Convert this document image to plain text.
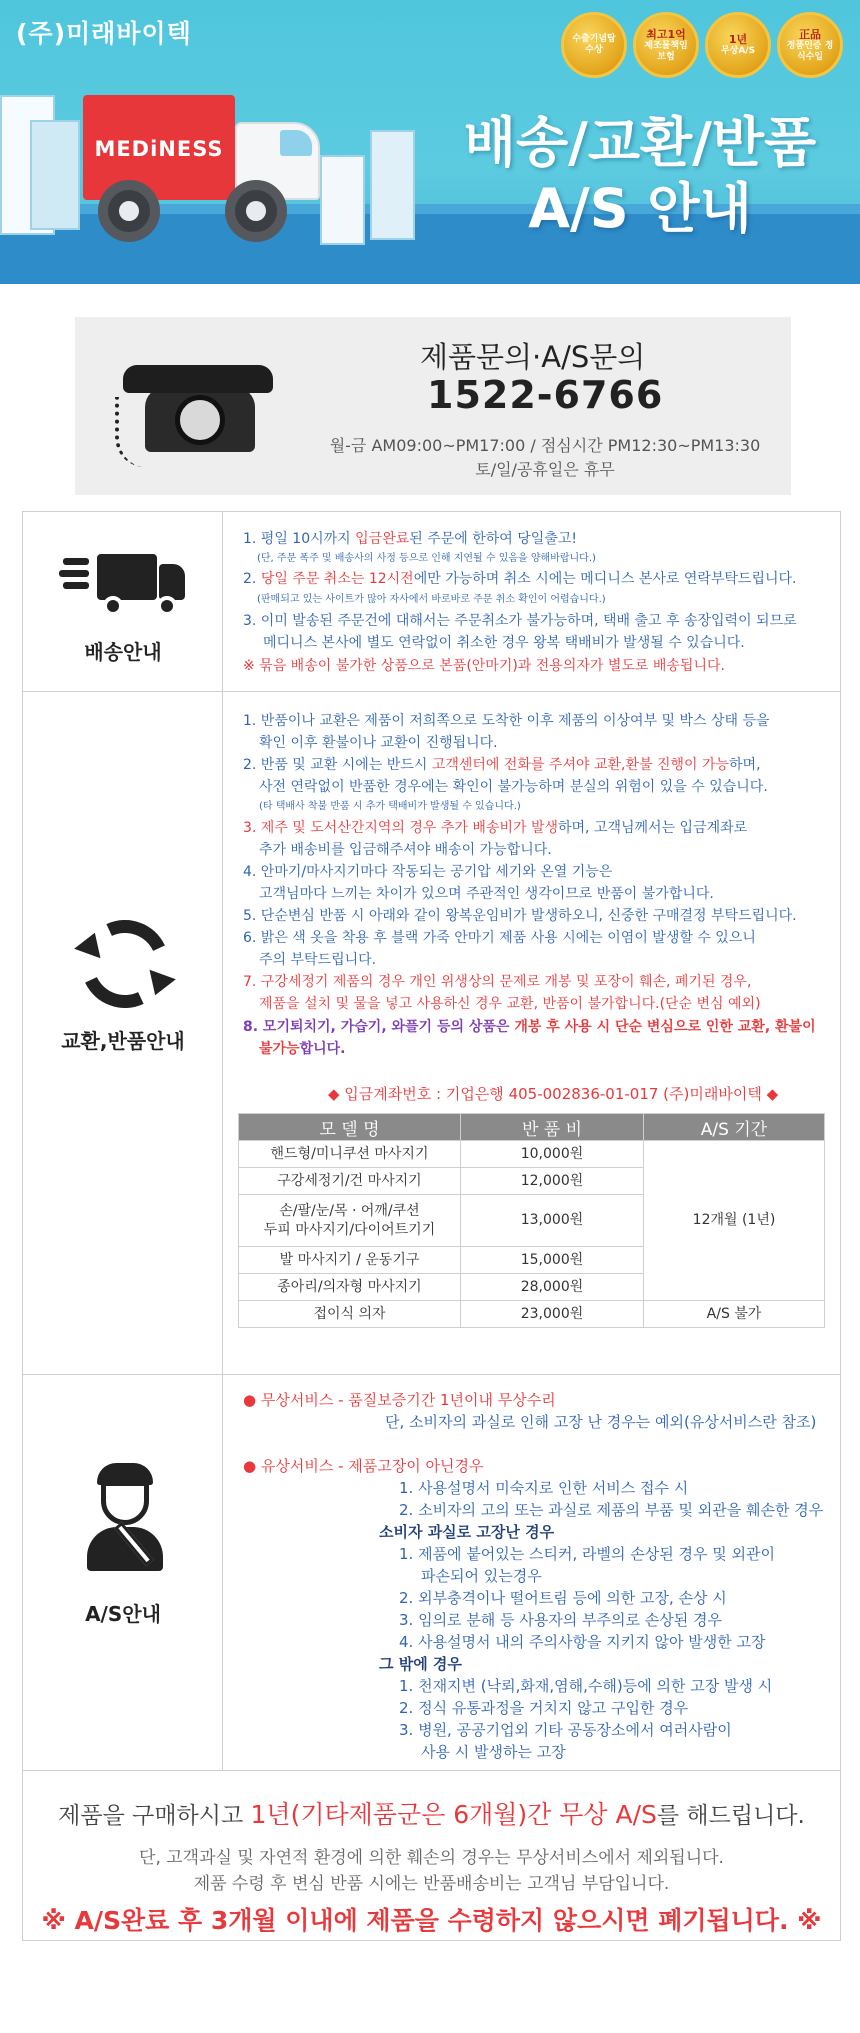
(주)미래바이텍
MEDiNESS
수출기념탑 수상
최고1억
제조물책임 보험
1년
무상A/S
正品
정품인증 정식수입
배송/교환/반품
A/S 안내
제품문의·A/S문의
1522-6766
월-금 AM09:00~PM17:00 / 점심시간 PM12:30~PM13:30
토/일/공휴일은 휴무
배송안내
1. 평일 10시까지 입금완료된 주문에 한하여 당일출고!
(단, 주문 폭주 및 배송사의 사정 등으로 인해 지연될 수 있음을 양해바랍니다.)
2. 당일 주문 취소는 12시전에만 가능하며 취소 시에는 메디니스 본사로 연락부탁드립니다.
(판매되고 있는 사이트가 많아 자사에서 바로바로 주문 취소 확인이 어렵습니다.)
3. 이미 발송된 주문건에 대해서는 주문취소가 불가능하며, 택배 출고 후 송장입력이 되므로
메디니스 본사에 별도 연락없이 취소한 경우 왕복 택배비가 발생될 수 있습니다.
※ 묶음 배송이 불가한 상품으로 본품(안마기)과 전용의자가 별도로 배송됩니다.
교환,반품안내
1. 반품이나 교환은 제품이 저희쪽으로 도착한 이후 제품의 이상여부 및 박스 상태 등을
확인 이후 환불이나 교환이 진행됩니다.
2. 반품 및 교환 시에는 반드시 고객센터에 전화를 주셔야 교환,환불 진행이 가능하며,
사전 연락없이 반품한 경우에는 확인이 불가능하며 분실의 위험이 있을 수 있습니다.
(타 택배사 착불 반품 시 추가 택배비가 발생될 수 있습니다.)
3. 제주 및 도서산간지역의 경우 추가 배송비가 발생하며, 고객님께서는 입금계좌로
추가 배송비를 입금해주셔야 배송이 가능합니다.
4. 안마기/마사지기마다 작동되는 공기압 세기와 온열 기능은
고객님마다 느끼는 차이가 있으며 주관적인 생각이므로 반품이 불가합니다.
5. 단순변심 반품 시 아래와 같이 왕복운임비가 발생하오니, 신중한 구매결정 부탁드립니다.
6. 밝은 색 옷을 착용 후 블랙 가죽 안마기 제품 사용 시에는 이염이 발생할 수 있으니
주의 부탁드립니다.
7. 구강세정기 제품의 경우 개인 위생상의 문제로 개봉 및 포장이 훼손, 폐기된 경우,
제품을 설치 및 물을 넣고 사용하신 경우 교환, 반품이 불가합니다.(단순 변심 예외)
8. 모기퇴치기, 가습기, 와플기 등의 상품은 개봉 후 사용 시 단순 변심으로 인한 교환, 환불이
불가능합니다.
◆ 입금계좌번호 : 기업은행 405-002836-01-017 (주)미래바이텍 ◆
모 델 명	반 품 비	A/S 기간
핸드형/미니쿠션 마사지기	10,000원	12개월 (1년)
구강세정기/건 마사지기	12,000원	
손/팔/눈/목 · 어깨/쿠션
두피 마사지기/다이어트기기	13,000원	
발 마사지기 / 운동기구	15,000원	
종아리/의자형 마사지기	28,000원	
접이식 의자	23,000원	A/S 불가
A/S안내
● 무상서비스 - 품질보증기간 1년이내 무상수리
단, 소비자의 과실로 인해 고장 난 경우는 예외(유상서비스란 참조)
● 유상서비스 - 제품고장이 아닌경우
1. 사용설명서 미숙지로 인한 서비스 접수 시
2. 소비자의 고의 또는 과실로 제품의 부품 및 외관을 훼손한 경우
소비자 과실로 고장난 경우
1. 제품에 붙어있는 스티커, 라벨의 손상된 경우 및 외관이
파손되어 있는경우
2. 외부충격이나 떨어트림 등에 의한 고장, 손상 시
3. 임의로 분해 등 사용자의 부주의로 손상된 경우
4. 사용설명서 내의 주의사항을 지키지 않아 발생한 고장
그 밖에 경우
1. 천재지변 (낙뢰,화재,염해,수해)등에 의한 고장 발생 시
2. 정식 유통과정을 거치지 않고 구입한 경우
3. 병원, 공공기업외 기타 공동장소에서 여러사람이
사용 시 발생하는 고장
제품을 구매하시고 1년(기타제품군은 6개월)간 무상 A/S를 해드립니다.
단, 고객과실 및 자연적 환경에 의한 훼손의 경우는 무상서비스에서 제외됩니다.
제품 수령 후 변심 반품 시에는 반품배송비는 고객님 부담입니다.
※ A/S완료 후 3개월 이내에 제품을 수령하지 않으시면 폐기됩니다. ※
